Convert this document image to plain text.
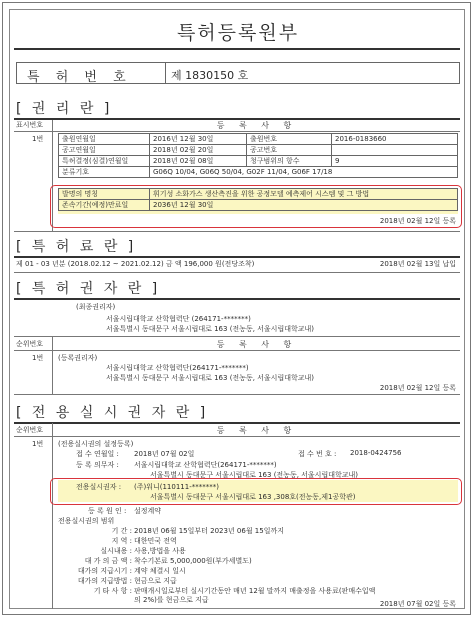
특허등록원부
특 허 번 호	제 1830150 호
[ 권 리 란 ]
표시번호	등 록 사 항
1번	출원연월일	2016년 12월 30일	출원번호	2016-0183660
공고연월일	2018년 02월 20일	공고번호	
특허결정(심결)연월일	2018년 02월 08일	청구범위의 항수	9
분류기호	G06Q 10/04, G06Q 50/04, G02F 11/04, G06F 17/18		
발명의 명칭	휘기성 소화가스 생산측진을 위한 공정모델 예측제어 시스템 및 그 방법
존속기간(예정)만료일	2036년 12월 30일
2018년 02월 12일 등록
[ 특 허 료 란 ]
제 01 - 03 년분 (2018.02.12 ~ 2021.02.12) 금 액 196,000 원(전당조착)	2018년 02월 13일 납입
[ 특 허 권 자 란 ]
(최종권리자)
서울시립대학교 산학협력단 (264171-*******)
서울특별시 동대문구 서울시립대로 163 (전농동, 서울시립대학교내)
순위번호	등 록 사 항
1번 (등록권리자)
서울시립대학교 산학협력단(264171-*******)
서울특별시 동대문구 서울시립대로 163 (전농동, 서울시립대학교내)
2018년 02월 12일 등록
[ 전 용 실 시 권 자 란 ]
순위번호	등 록 사 항
1번 (전용실시권의 설정등록)
접 수 연월일 : 2018년 07월 02일	접 수 번 호 : 2018-0424756
등 록 의무자 : 서울시립대학교 산학협력단(264171-*******)
서울특별시 동대문구 서울시립대로 163 (전농동, 서울시립대학교내)
전용실시권자 : (주)워니(110111-*******)
서울특별시 동대문구 서울시립대로 163 ,308호(전농동,제1공학관)
등 록 원 인 : 설정계약
전용실시권의 범위
기 간 : 2018년 06월 15일부터 2023년 06월 15일까지
지 역 : 대한민국 전역
실시내용 : 사용,방법을 사용
대 가 의 금 액 : 착수기본료 5,000,000원(부가세별도)
대가의 지급시기 : 계약 체결시 일시
대가의 지급방법 : 현금으로 지급
기 타 사 항 : 판매개시일로부터 실시기간동안 매년 12월 말까지 매출정을 사용료(판매수입액
의 2%)를 현금으로 지급	2018년 07월 02일 등록
